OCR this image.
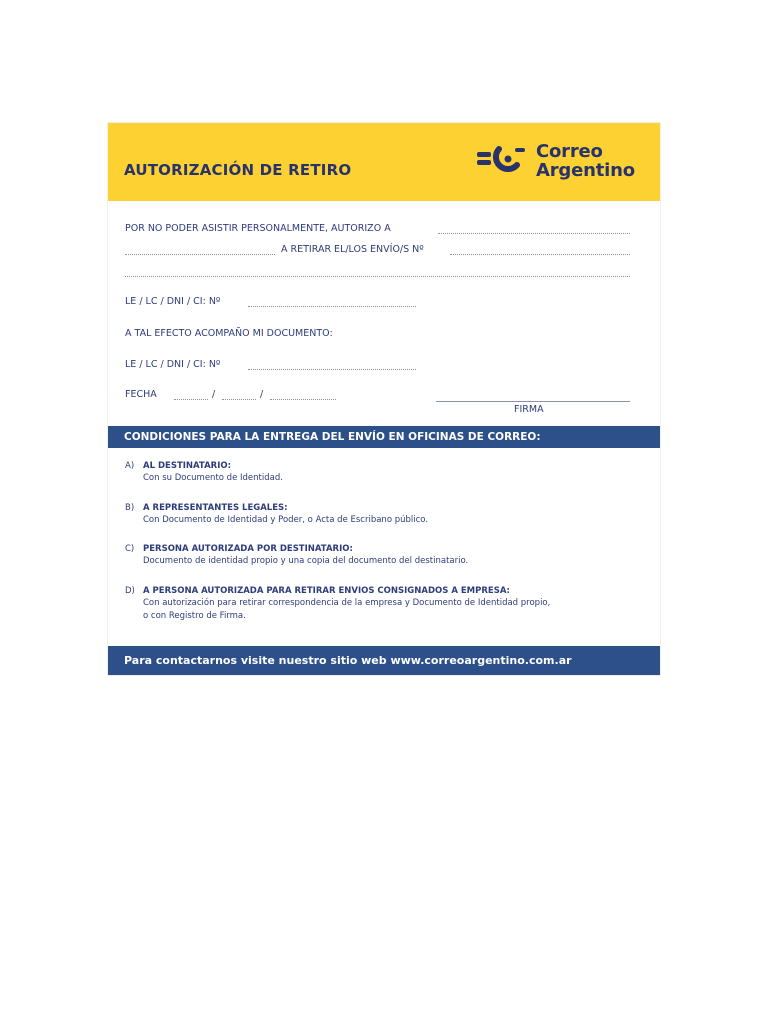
AUTORIZACIÓN DE RETIRO
Correo
Argentino
POR NO PODER ASISTIR PERSONALMENTE, AUTORIZO A
A RETIRAR EL/LOS ENVÍO/S Nº
LE / LC / DNI / CI: Nº
A TAL EFECTO ACOMPAÑO MI DOCUMENTO:
LE / LC / DNI / CI: Nº
FECHA	/	/
FIRMA
CONDICIONES PARA LA ENTREGA DEL ENVÍO EN OFICINAS DE CORREO:
A) AL DESTINATARIO:
Con su Documento de Identidad.
B) A REPRESENTANTES LEGALES:
Con Documento de Identidad y Poder, o Acta de Escribano público.
C) PERSONA AUTORIZADA POR DESTINATARIO:
Documento de identidad propio y una copia del documento del destinatario.
D) A PERSONA AUTORIZADA PARA RETIRAR ENVIOS CONSIGNADOS A EMPRESA:
Con autorización para retirar correspondencia de la empresa y Documento de Identidad propio,
o con Registro de Firma.
Para contactarnos visite nuestro sitio web www.correoargentino.com.ar
